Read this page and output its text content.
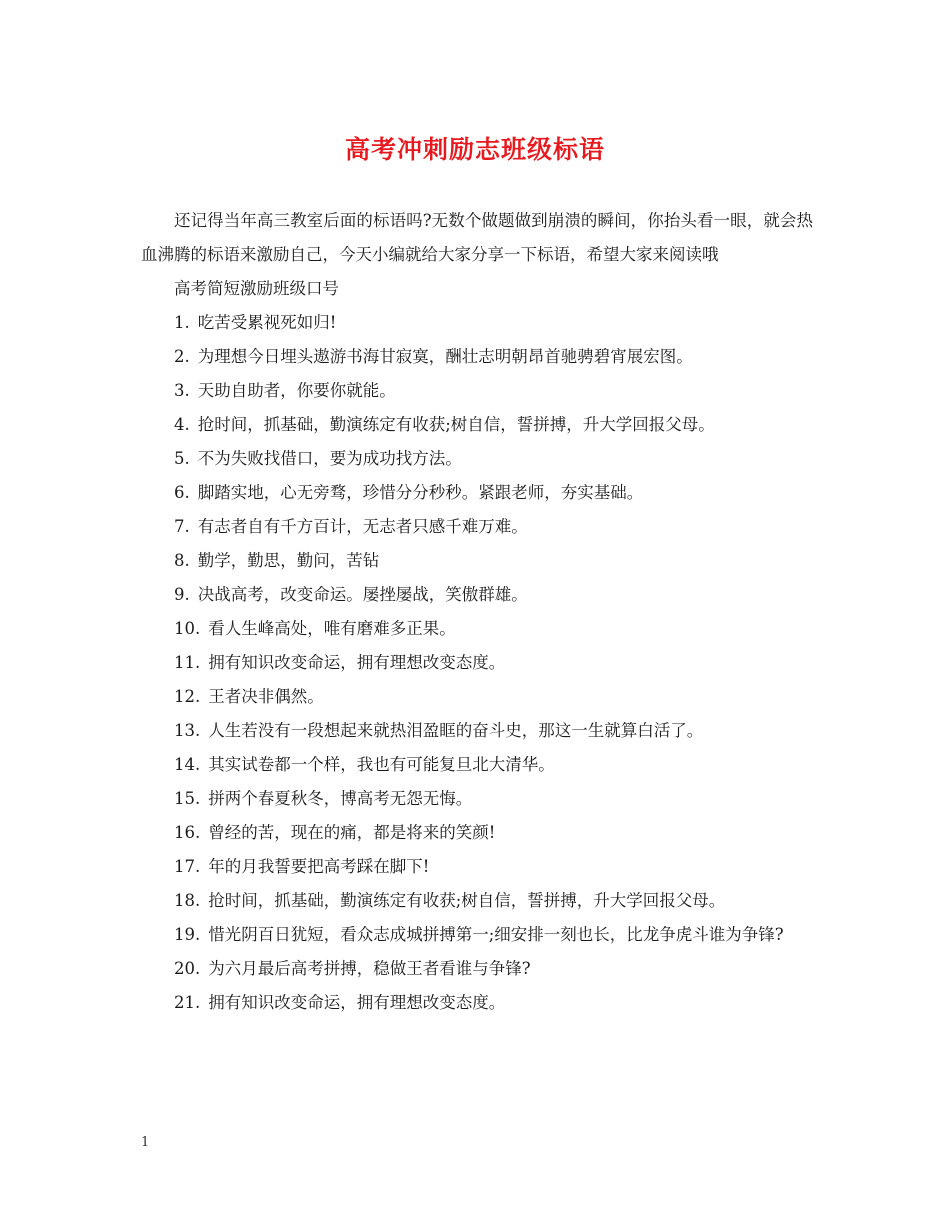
高考冲刺励志班级标语

还记得当年高三教室后面的标语吗?无数个做题做到崩溃的瞬间，你抬头看一眼，就会热血沸腾的标语来激励自己，今天小编就给大家分享一下标语，希望大家来阅读哦

高考简短激励班级口号

1. 吃苦受累视死如归!

2. 为理想今日埋头遨游书海甘寂寞，酬壮志明朝昂首驰骋碧宵展宏图。

3. 天助自助者，你要你就能。

4. 抢时间，抓基础，勤演练定有收获;树自信，誓拼搏，升大学回报父母。

5. 不为失败找借口，要为成功找方法。

6. 脚踏实地，心无旁骛，珍惜分分秒秒。紧跟老师，夯实基础。

7. 有志者自有千方百计，无志者只感千难万难。

8. 勤学，勤思，勤问，苦钻

9. 决战高考，改变命运。屡挫屡战，笑傲群雄。

10. 看人生峰高处，唯有磨难多正果。

11. 拥有知识改变命运，拥有理想改变态度。

12. 王者决非偶然。

13. 人生若没有一段想起来就热泪盈眶的奋斗史，那这一生就算白活了。

14. 其实试卷都一个样，我也有可能复旦北大清华。

15. 拼两个春夏秋冬，博高考无怨无悔。

16. 曾经的苦，现在的痛，都是将来的笑颜!

17. 年的月我誓要把高考踩在脚下!

18. 抢时间，抓基础，勤演练定有收获;树自信，誓拼搏，升大学回报父母。

19. 惜光阴百日犹短，看众志成城拼搏第一;细安排一刻也长，比龙争虎斗谁为争锋?

20. 为六月最后高考拼搏，稳做王者看谁与争锋?

21. 拥有知识改变命运，拥有理想改变态度。

1
